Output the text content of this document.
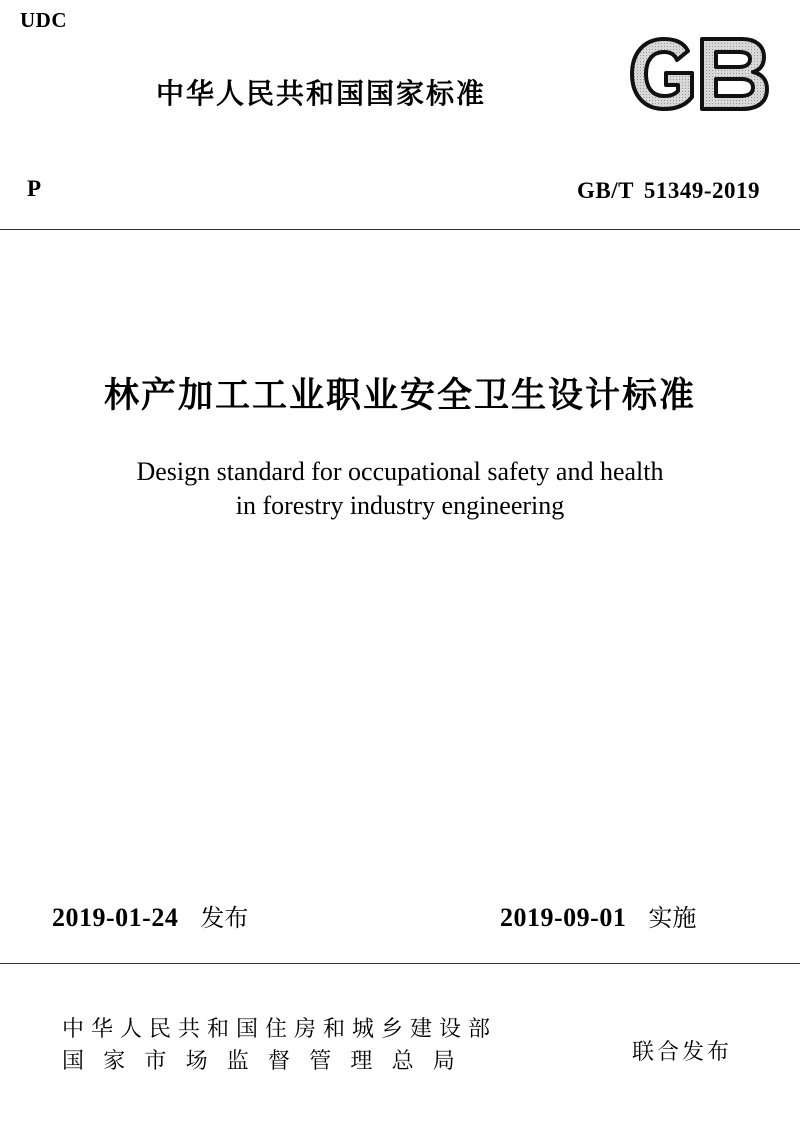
UDC
中华人民共和国国家标准
P	GB/T 51349-2019
林产加工工业职业安全卫生设计标准
Design standard for occupational safety and health
in forestry industry engineering
2019-01-24 发布	2019-09-01 实施
中华人民共和国住房和城乡建设部
国家市场监督管理总局	联合发布
